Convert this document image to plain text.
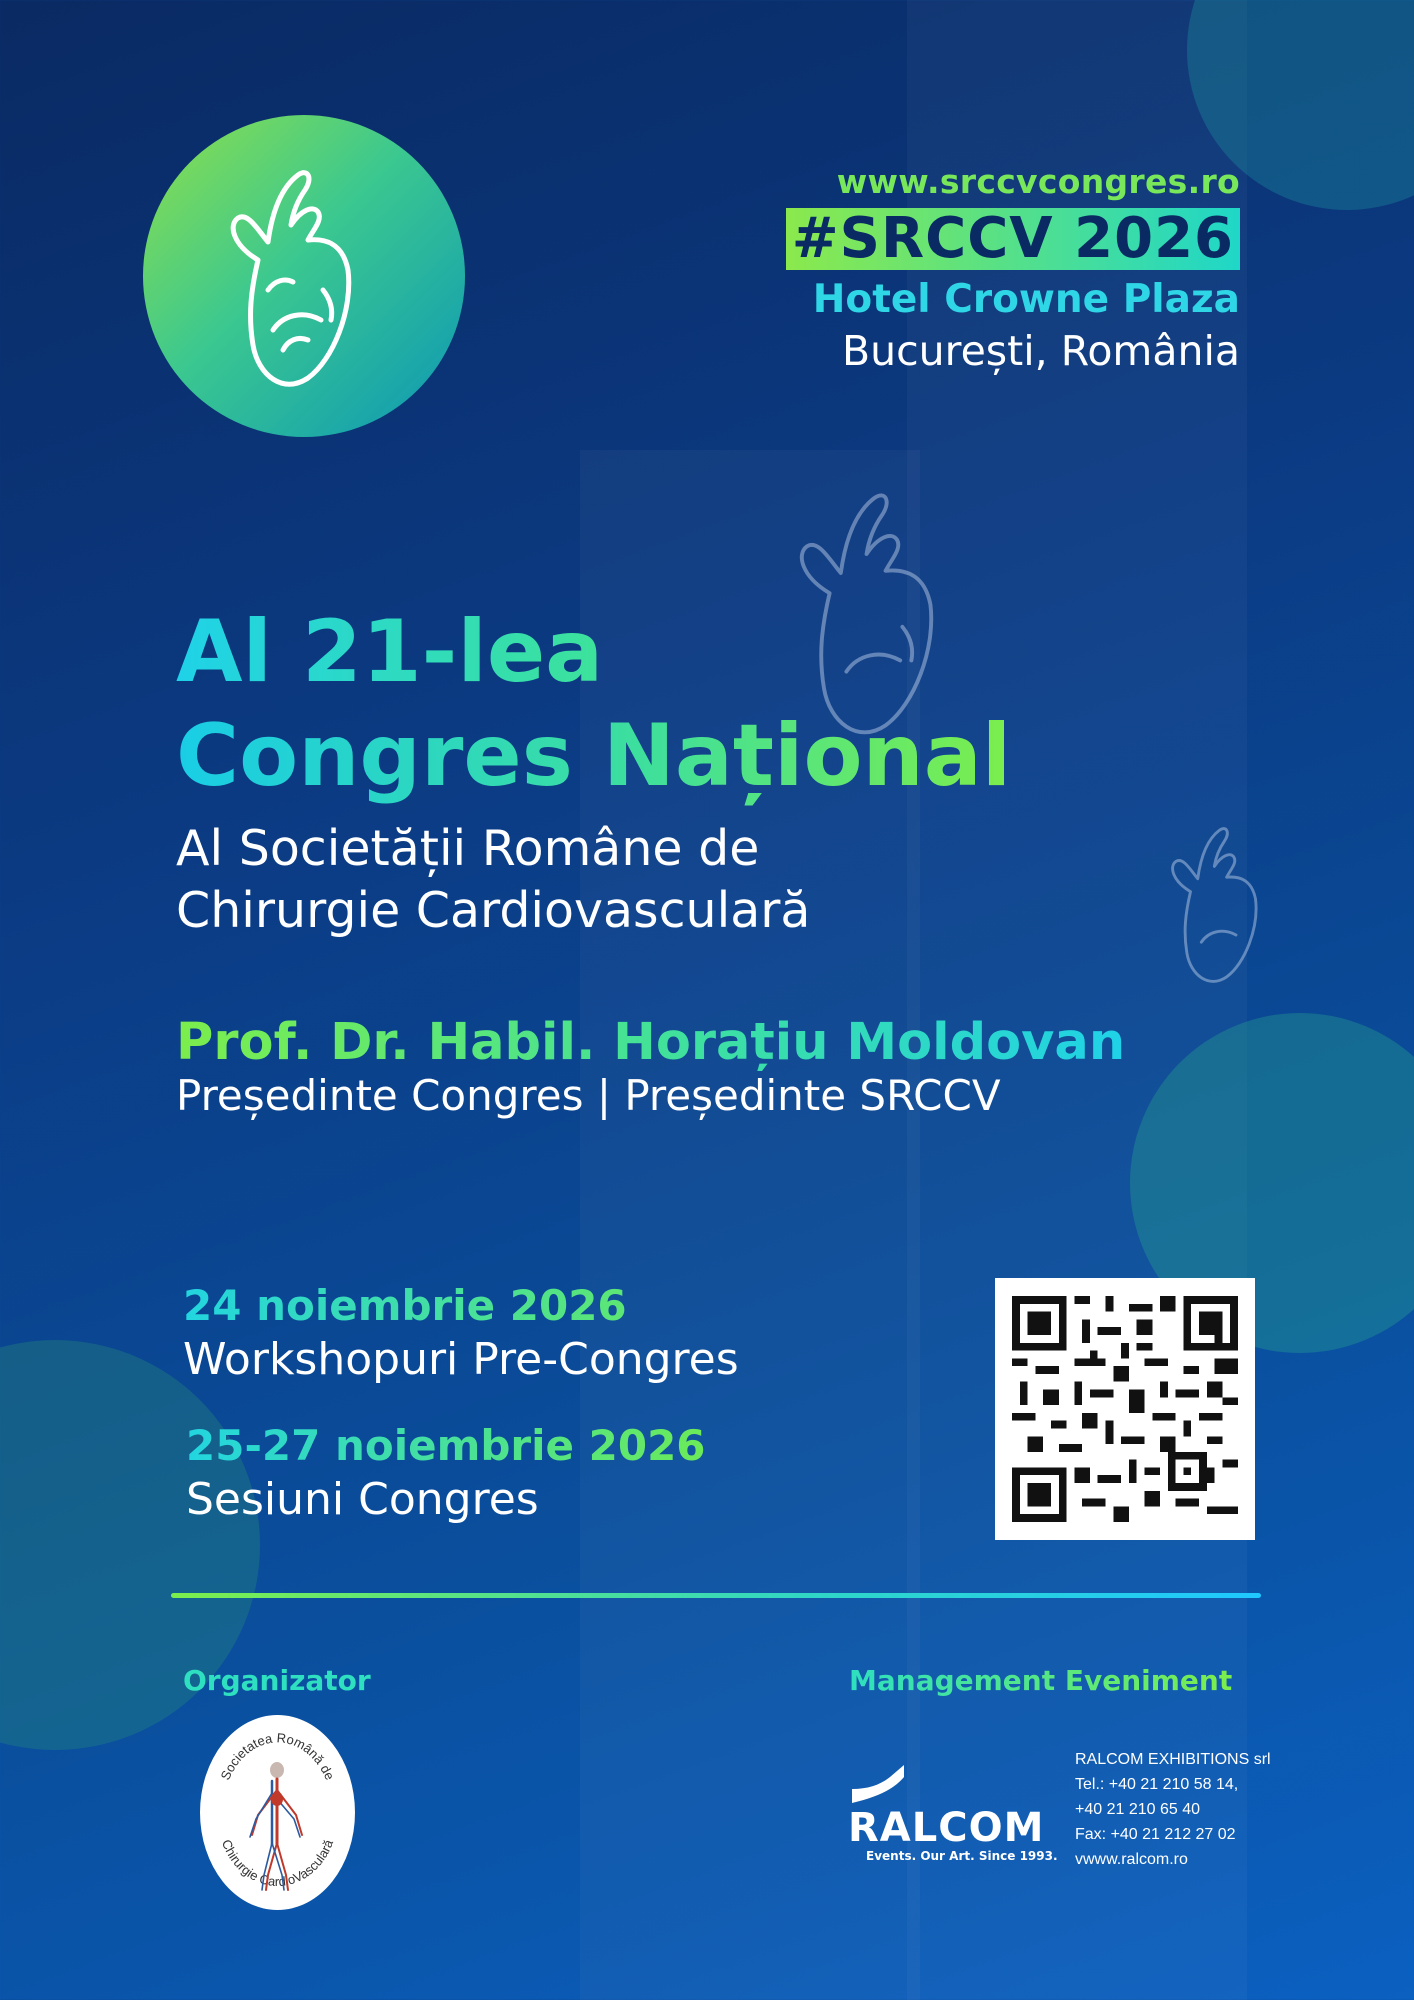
www.srccvcongres.ro
#SRCCV 2026
Hotel Crowne Plaza
București, România
Al 21-lea
Congres Național
Al Societății Române de
Chirurgie Cardiovasculară
Prof. Dr. Habil. Horațiu Moldovan
Președinte Congres | Președinte SRCCV
24 noiembrie 2026
Workshopuri Pre-Congres
25-27 noiembrie 2026
Sesiuni Congres
Organizator
Societatea Română de
Chirurgie CardioVasculară
Management Eveniment
RALCOM
Events. Our Art. Since 1993.
RALCOM EXHIBITIONS srl
Tel.: +40 21 210 58 14,
+40 21 210 65 40
Fax: +40 21 212 27 02
vwww.ralcom.ro
